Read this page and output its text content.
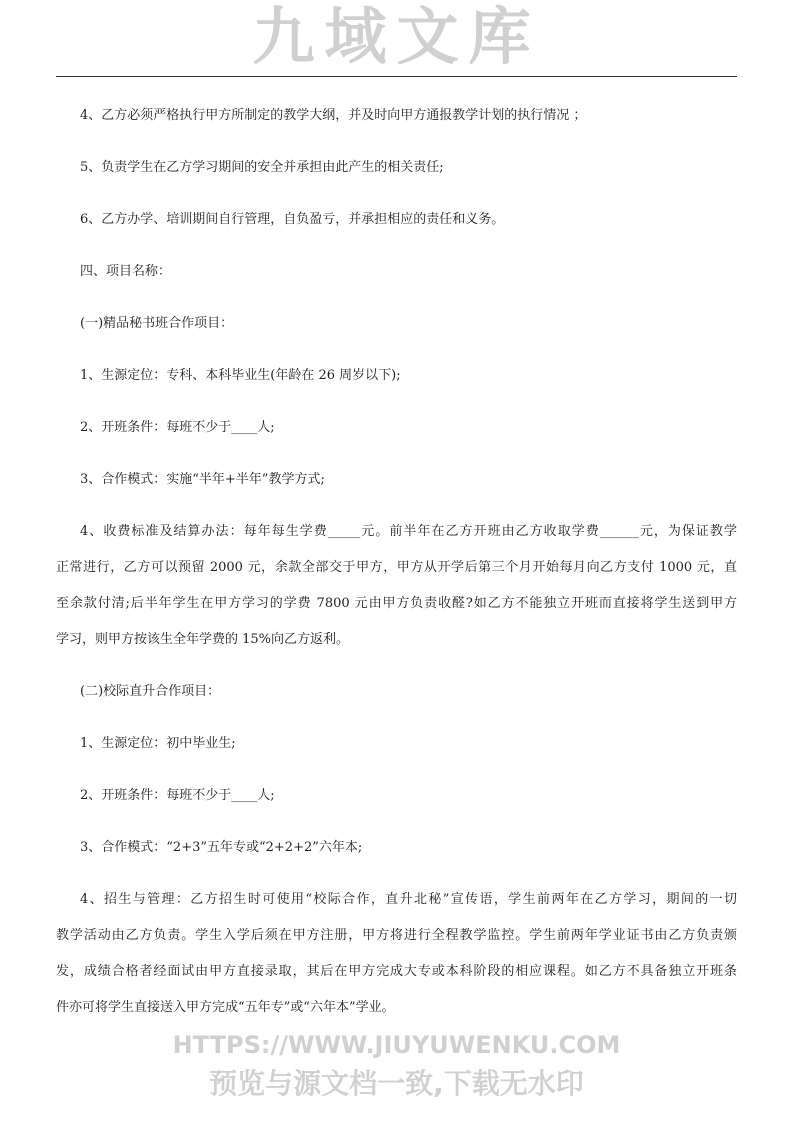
九域文库
4、乙方必须严格执行甲方所制定的教学大纲，并及时向甲方通报教学计划的执行情况 ；
5、负责学生在乙方学习期间的安全并承担由此产生的相关责任;
6、乙方办学、培训期间自行管理，自负盈亏，并承担相应的责任和义务。
四、项目名称：
(一)精品秘书班合作项目：
1、生源定位：专科、本科毕业生(年龄在 26 周岁以下);
2、开班条件：每班不少于____人;
3、合作模式：实施“半年+半年”教学方式;
4、收费标准及结算办法：每年每生学费_____元。前半年在乙方开班由乙方收取学费______元，为保证教学
正常进行，乙方可以预留 2000 元，余款全部交于甲方，甲方从开学后第三个月开始每月向乙方支付 1000 元，直
至余款付清;后半年学生在甲方学习的学费 7800 元由甲方负责收醛?如乙方不能独立开班而直接将学生送到甲方
学习，则甲方按该生全年学费的 15%向乙方返利。
(二)校际直升合作项目：
1、生源定位：初中毕业生;
2、开班条件：每班不少于____人;
3、合作模式：“2+3”五年专或“2+2+2”六年本;
4、招生与管理：乙方招生时可使用“校际合作，直升北秘”宣传语，学生前两年在乙方学习，期间的一切
教学活动由乙方负责。学生入学后须在甲方注册，甲方将进行全程教学监控。学生前两年学业证书由乙方负责颁
发，成绩合格者经面试由甲方直接录取，其后在甲方完成大专或本科阶段的相应课程。如乙方不具备独立开班条
件亦可将学生直接送入甲方完成“五年专”或“六年本”学业。
HTTPS://WWW.JIUYUWENKU.COM
预览与源文档一致,下载无水印
